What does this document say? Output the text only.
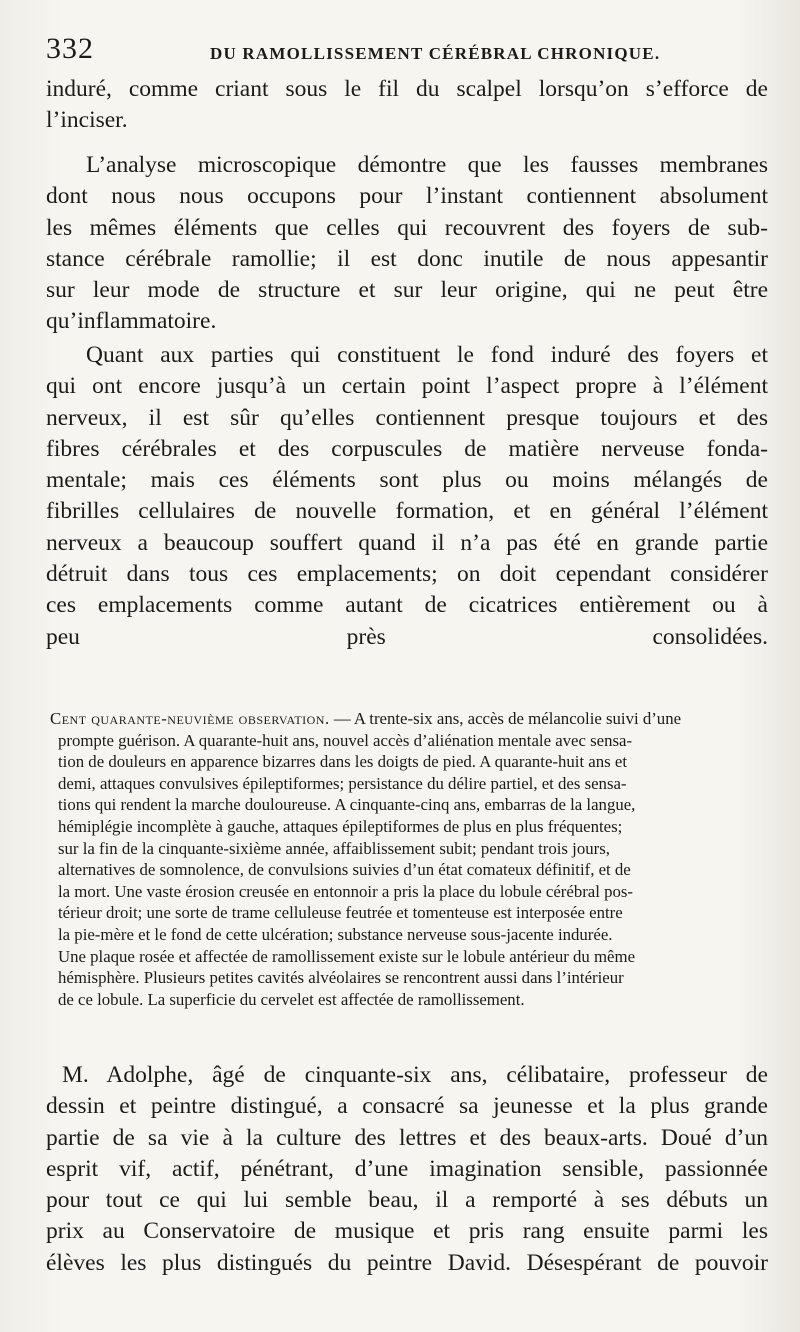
332	DU RAMOLLISSEMENT CÉRÉBRAL CHRONIQUE.
induré, comme criant sous le fil du scalpel lorsqu’on s’efforce de
l’inciser.
L’analyse microscopique démontre que les fausses membranes
dont nous nous occupons pour l’instant contiennent absolument
les mêmes éléments que celles qui recouvrent des foyers de sub-
stance cérébrale ramollie; il est donc inutile de nous appesantir
sur leur mode de structure et sur leur origine, qui ne peut être
qu’inflammatoire.
Quant aux parties qui constituent le fond induré des foyers et
qui ont encore jusqu’à un certain point l’aspect propre à l’élément
nerveux, il est sûr qu’elles contiennent presque toujours et des
fibres cérébrales et des corpuscules de matière nerveuse fonda-
mentale; mais ces éléments sont plus ou moins mélangés de
fibrilles cellulaires de nouvelle formation, et en général l’élément
nerveux a beaucoup souffert quand il n’a pas été en grande partie
détruit dans tous ces emplacements; on doit cependant considérer
ces emplacements comme autant de cicatrices entièrement ou à
peu près consolidées.
Cent quarante-neuvième observation. — A trente-six ans, accès de mélancolie suivi d’une
prompte guérison. A quarante-huit ans, nouvel accès d’aliénation mentale avec sensa-
tion de douleurs en apparence bizarres dans les doigts de pied. A quarante-huit ans et
demi, attaques convulsives épileptiformes; persistance du délire partiel, et des sensa-
tions qui rendent la marche douloureuse. A cinquante-cinq ans, embarras de la langue,
hémiplégie incomplète à gauche, attaques épileptiformes de plus en plus fréquentes;
sur la fin de la cinquante-sixième année, affaiblissement subit; pendant trois jours,
alternatives de somnolence, de convulsions suivies d’un état comateux définitif, et de
la mort. Une vaste érosion creusée en entonnoir a pris la place du lobule cérébral pos-
térieur droit; une sorte de trame celluleuse feutrée et tomenteuse est interposée entre
la pie-mère et le fond de cette ulcération; substance nerveuse sous-jacente indurée.
Une plaque rosée et affectée de ramollissement existe sur le lobule antérieur du même
hémisphère. Plusieurs petites cavités alvéolaires se rencontrent aussi dans l’intérieur
de ce lobule. La superficie du cervelet est affectée de ramollissement.
M. Adolphe, âgé de cinquante-six ans, célibataire, professeur de
dessin et peintre distingué, a consacré sa jeunesse et la plus grande
partie de sa vie à la culture des lettres et des beaux-arts. Doué d’un
esprit vif, actif, pénétrant, d’une imagination sensible, passionnée
pour tout ce qui lui semble beau, il a remporté à ses débuts un
prix au Conservatoire de musique et pris rang ensuite parmi les
élèves les plus distingués du peintre David. Désespérant de pouvoir
